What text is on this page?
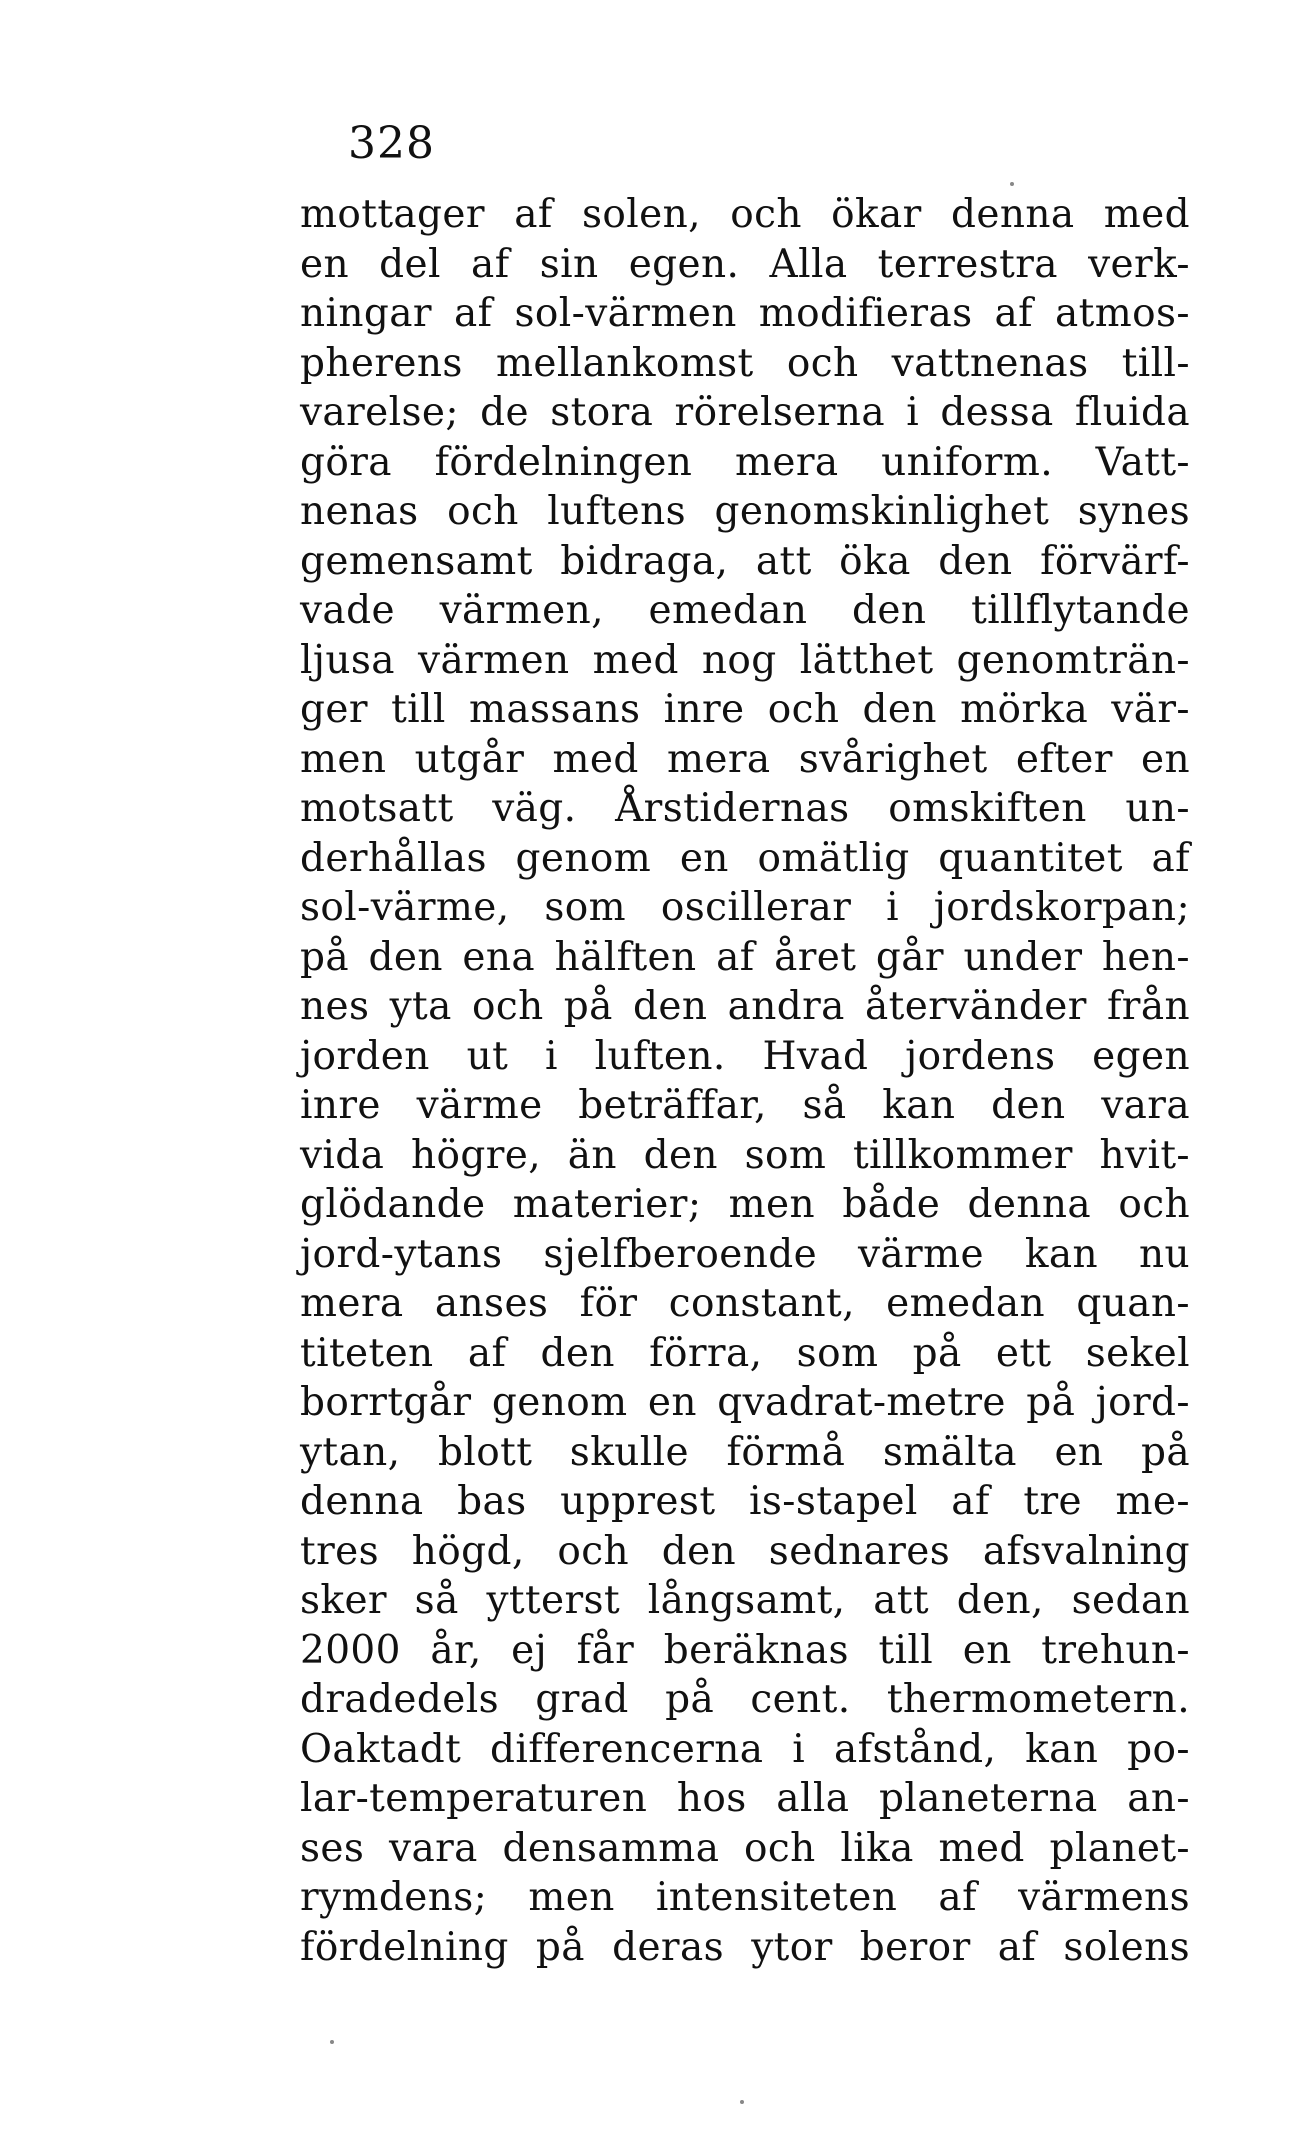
328
mottager af solen, och ökar denna med
en del af sin egen. Alla terrestra verk-
ningar af sol-värmen modifieras af atmos-
pherens mellankomst och vattnenas till-
varelse; de stora rörelserna i dessa fluida
göra fördelningen mera uniform. Vatt-
nenas och luftens genomskinlighet synes
gemensamt bidraga, att öka den förvärf-
vade värmen, emedan den tillflytande
ljusa värmen med nog lätthet genomträn-
ger till massans inre och den mörka vär-
men utgår med mera svårighet efter en
motsatt väg. Årstidernas omskiften un-
derhållas genom en omätlig quantitet af
sol-värme, som oscillerar i jordskorpan;
på den ena hälften af året går under hen-
nes yta och på den andra återvänder från
jorden ut i luften. Hvad jordens egen
inre värme beträffar, så kan den vara
vida högre, än den som tillkommer hvit-
glödande materier; men både denna och
jord-ytans sjelfberoende värme kan nu
mera anses för constant, emedan quan-
titeten af den förra, som på ett sekel
borrtgår genom en qvadrat-metre på jord-
ytan, blott skulle förmå smälta en på
denna bas upprest is-stapel af tre me-
tres högd, och den sednares afsvalning
sker så ytterst långsamt, att den, sedan
2000 år, ej får beräknas till en trehun-
dradedels grad på cent. thermometern.
Oaktadt differencerna i afstånd, kan po-
lar-temperaturen hos alla planeterna an-
ses vara densamma och lika med planet-
rymdens; men intensiteten af värmens
fördelning på deras ytor beror af solens
